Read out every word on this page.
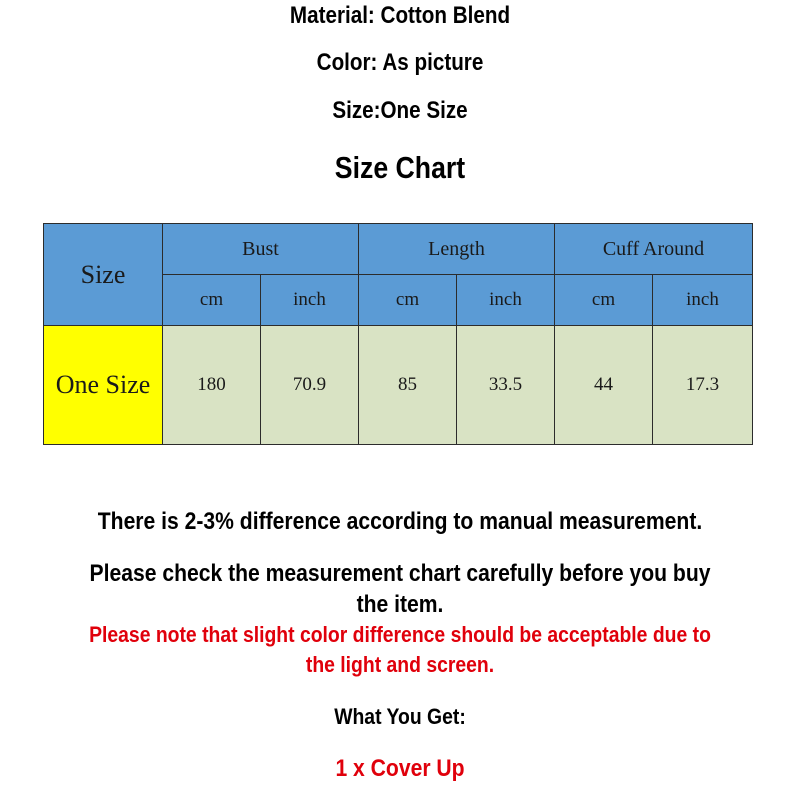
Material: Cotton Blend
Color: As picture
Size:One Size
Size Chart
Size	Bust		Length		Cuff Around	
	cm	inch	cm	inch	cm	inch
One Size	180	70.9	85	33.5	44	17.3
There is 2-3% difference according to manual measurement.
Please check the measurement chart carefully before you buy
the item.
Please note that slight color difference should be acceptable due to
the light and screen.
What You Get:
1 x Cover Up
